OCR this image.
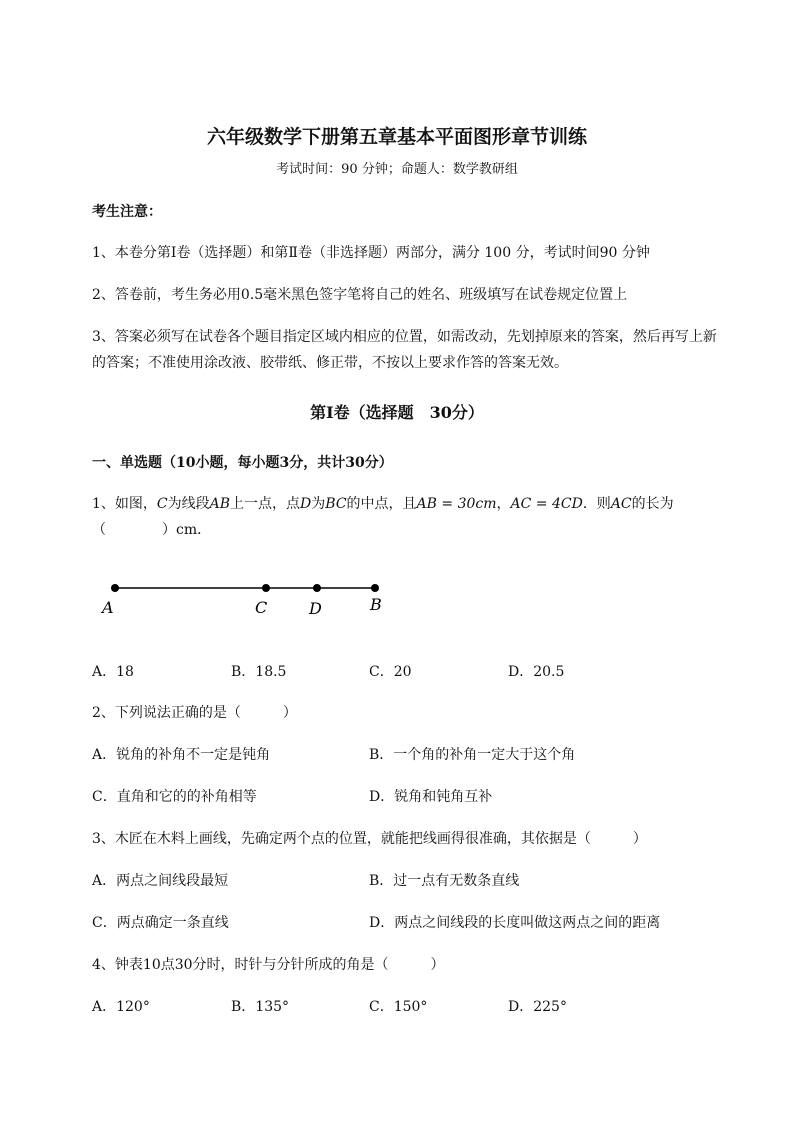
六年级数学下册第五章基本平面图形章节训练
考试时间：90 分钟；命题人：数学教研组
考生注意：
1、本卷分第Ⅰ卷（选择题）和第Ⅱ卷（非选择题）两部分，满分 100 分，考试时间90 分钟
2、答卷前，考生务必用0.5毫米黑色签字笔将自己的姓名、班级填写在试卷规定位置上
3、答案必须写在试卷各个题目指定区域内相应的位置，如需改动，先划掉原来的答案，然后再写上新
的答案；不准使用涂改液、胶带纸、修正带，不按以上要求作答的答案无效。
第Ⅰ卷（选择题　30分）
一、单选题（10小题，每小题3分，共计30分）
1、如图，C为线段AB上一点，点D为BC的中点，且AB = 30cm，AC = 4CD．则AC的长为
（　　　　）cm．
A	C	D	B
A．18	B．18.5	C．20	D．20.5
2、下列说法正确的是（　　　）
A．锐角的补角不一定是钝角	B．一个角的补角一定大于这个角
C．直角和它的的补角相等	D．锐角和钝角互补
3、木匠在木料上画线，先确定两个点的位置，就能把线画得很准确，其依据是（　　　）
A．两点之间线段最短	B．过一点有无数条直线
C．两点确定一条直线	D．两点之间线段的长度叫做这两点之间的距离
4、钟表10点30分时，时针与分针所成的角是（　　　）
A．120°	B．135°	C．150°	D．225°
